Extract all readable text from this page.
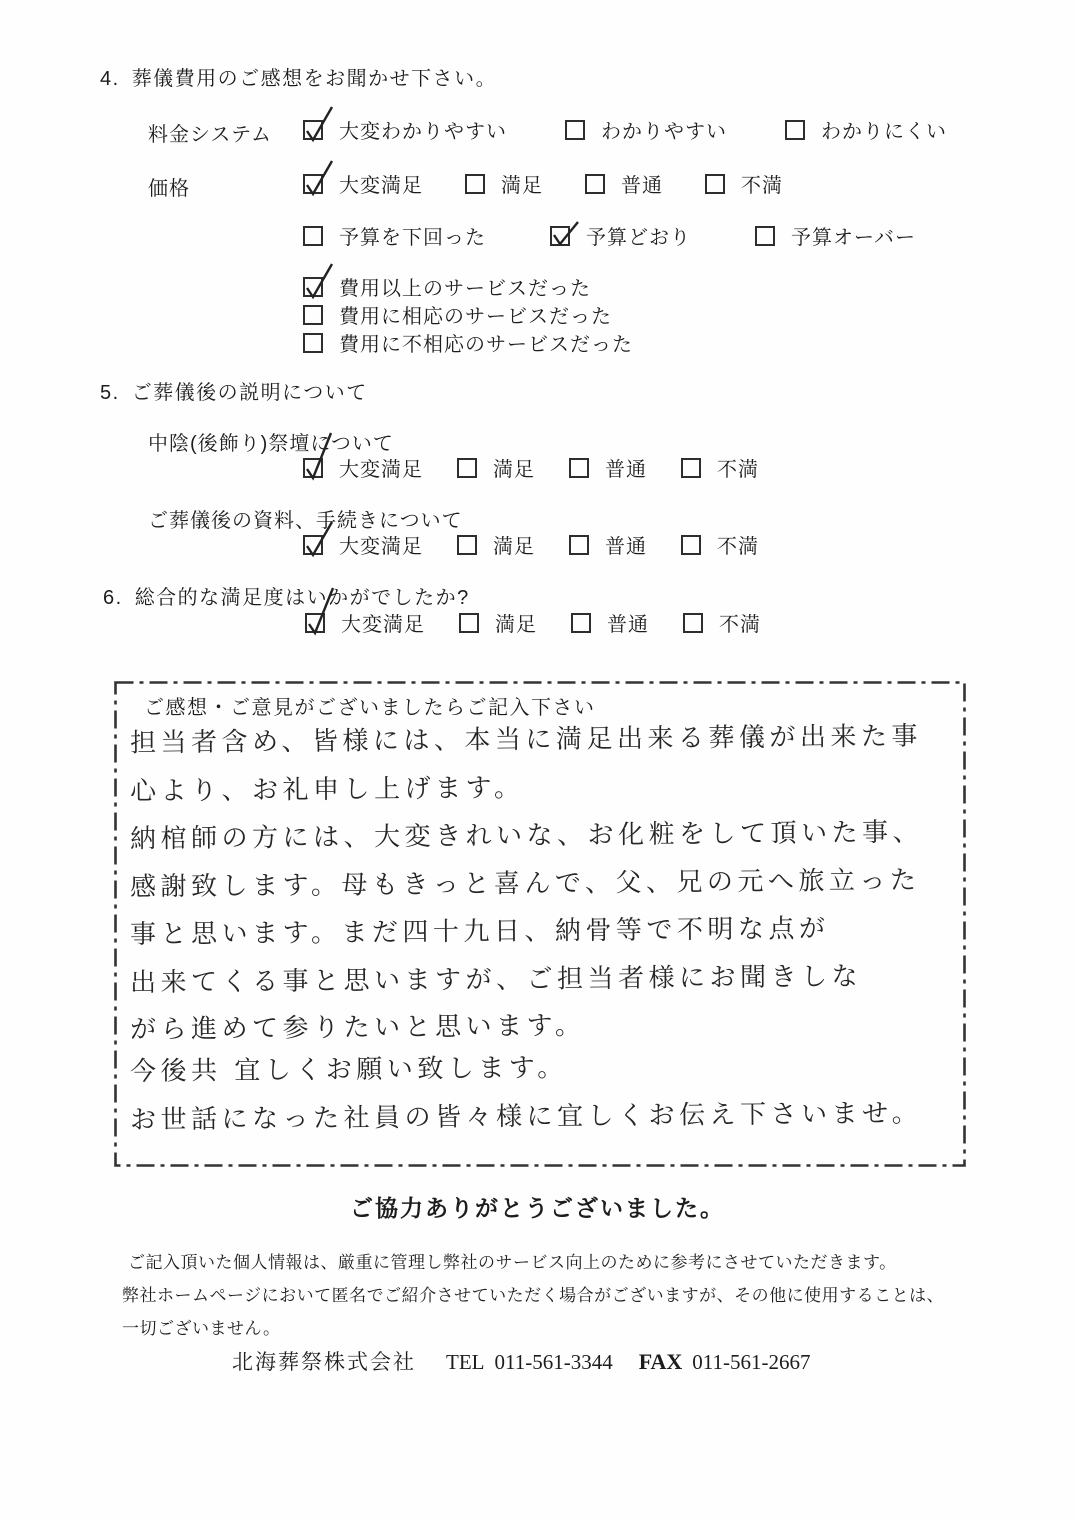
4. 葬儀費用のご感想をお聞かせ下さい。
料金システム	大変わかりやすい	わかりやすい	わかりにくい
価格	大変満足	満足	普通	不満
予算を下回った	予算どおり	予算オーバー
費用以上のサービスだった
費用に相応のサービスだった
費用に不相応のサービスだった
5. ご葬儀後の説明について
中陰(後飾り)祭壇について
大変満足	満足	普通	不満
ご葬儀後の資料、手続きについて
大変満足	満足	普通	不満
6. 総合的な満足度はいかがでしたか?
大変満足	満足	普通	不満
ご感想・ご意見がございましたらご記入下さい
担当者含め、皆様には、本当に満足出来る葬儀が出来た事
心より、お礼申し上げます。
納棺師の方には、大変きれいな、お化粧をして頂いた事、
感謝致します。母もきっと喜んで、父、兄の元へ旅立った
事と思います。まだ四十九日、納骨等で不明な点が
出来てくる事と思いますが、ご担当者様にお聞きしな
がら進めて参りたいと思います。
今後共 宜しくお願い致します。
お世話になった社員の皆々様に宜しくお伝え下さいませ。
ご協力ありがとうございました。
ご記入頂いた個人情報は、厳重に管理し弊社のサービス向上のために参考にさせていただきます。
弊社ホームページにおいて匿名でご紹介させていただく場合がございますが、その他に使用することは、
一切ございません。
北海葬祭株式会社 TEL 011-561-3344 FAX 011-561-2667
